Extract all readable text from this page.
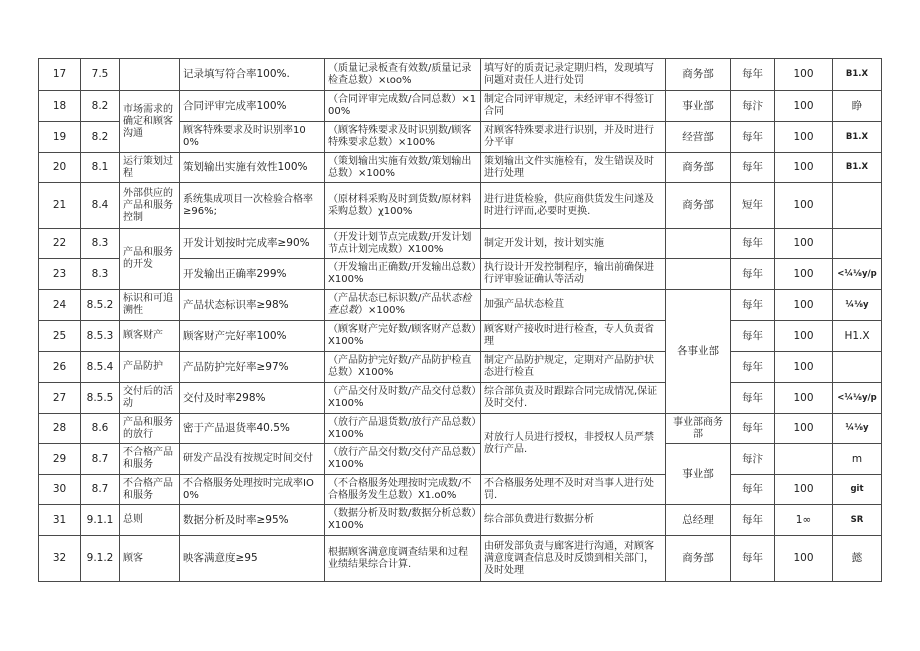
17	7.5		记录填写符合率100%.	（质量记录板查有效数/质量记录检查总数）×ιoo%	填写好的质责记录定期归档，发现填写问题对责任人进行处罚	商务部	每年	100	B1.X
18	8.2	市场需求的确定和顾客沟通	合同评审完成率100%	（合同评审完成数/合同总数）×100%	制定合同评审规定，未经评审不得签订合同	事业部	每汴	100	睁
19	8.2		顾客特殊要求及时识别率100%	（顾客特殊要求及时识别数/顾客特殊要求总数）×100%	对顾客特殊要求进行识别，并及时进行分平审	经营部	每年	100	B1.X
20	8.1	运行策划过程	策划输出实施有效性100%	（策划输出实施有效数/策划输出总数）×100%	策划输出文件实施检有，发生错误及时进行处理	商务部	每年	100	B1.X
21	8.4	外部供应的产品和服务控制	系统集成项目一次检验合格率≥96%;	（原材料采购及时到货数/原材料采购总数）χ100%	进行进货检验，供应商供货发生问遂及时进行评而,必要时更换.	商务部	短年	100	
22	8.3	产品和服务的开发	开发计划按时完成率≥90%	（开发计划节点完成数/开发计划节点计划完成数）X100%	制定开发计划，按计划实施		每年	100	
23	8.3		开发输出正确率299%	（开发输出正确数/开发输出总数）X100%	执行设计开发控制程序，输出前确保进行评审验证确认等活动		每年	100	<¼⅛y/p
24	8.5.2	标识和可追溯性	产品状态标识率≥98%	（产品状态已标识数/产品状态检查总数）×100%	加强产品状态检苴	各事业部	每年	100	¼⅛y
25	8.5.3	顾客财产	顾客财产完好率100%	（顾客财产完好数/顾客财产总数）X100%	顾客财产接收时进行检查，专人负责省理		每年	100	H1.X
26	8.5.4	产品防护	产品防护完好率≥97%	（产品防护完好数/产品防护检直总数）X100%	制定产品防护规定，定期对产品防护状态进行检直		每年	100	
27	8.5.5	交付后的活动	交付及时率298%	（产品交付及时数/产品交付总数）X100%	综合部负责及时跟踪合同完成情况,保证及时交付.		每年	100	<¼⅛y/p
28	8.6	产品和服务的放行	密于产品退货率40.5%	（放行产品退货数/放行产品总数）X100%	对放行人员进行授权，非授权人员严禁放行产品.	事业部商务部	每年	100	¼⅛y
29	8.7	不合格产品和服务	研发产品没有按规定时间交付	（放行产品交付数/交付产品总数）X100%		事业部	每汴		m
30	8.7	不合格产品和服务	不合格服务处理按时完成率IO0%	（不合格服务处理按时完成数/不合格服务发生总数）X1.o0%	不合格服务处理不及时对当事人进行处罚.		每年	100	git
31	9.1.1	总则	数据分析及时率≥95%	（数据分析及时数/数据分析总数）X100%	综合部负费进行数据分析	总经理	每年	1∞	SR
32	9.1.2	顾客	映客满意度≥95	根据顾客满意度调查结果和过程业绩结果综合计算.	由研发部负责与廊客进行沟通，对顾客满意度调查信息及时反馈到相关部门，及时处理	商务部	每年	100	懿
